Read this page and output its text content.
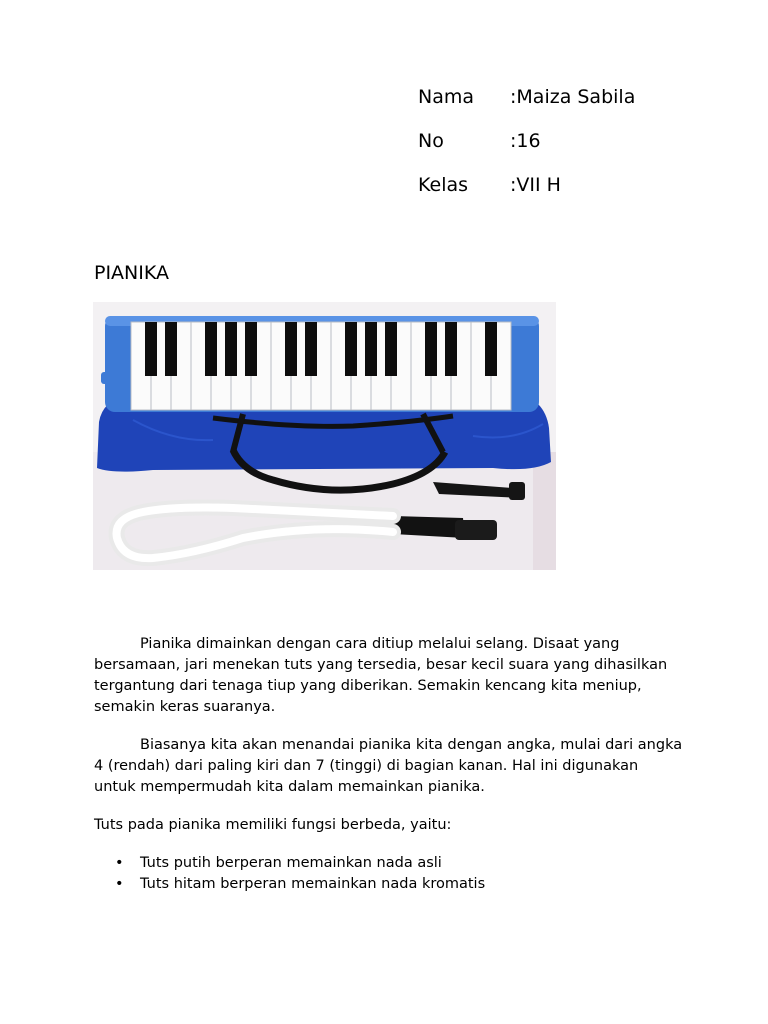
Nama :Maiza Sabila
No	:16
Kelas :VII H
PIANIKA

Pianika dimainkan dengan cara ditiup melalui selang. Disaat yang bersamaan, jari menekan tuts yang tersedia, besar kecil suara yang dihasilkan tergantung dari tenaga tiup yang diberikan. Semakin kencang kita meniup, semakin keras suaranya.

Biasanya kita akan menandai pianika kita dengan angka, mulai dari angka 4 (rendah) dari paling kiri dan 7 (tinggi) di bagian kanan. Hal ini digunakan untuk mempermudah kita dalam memainkan pianika.

Tuts pada pianika memiliki fungsi berbeda, yaitu:

• Tuts putih berperan memainkan nada asli
• Tuts hitam berperan memainkan nada kromatis
